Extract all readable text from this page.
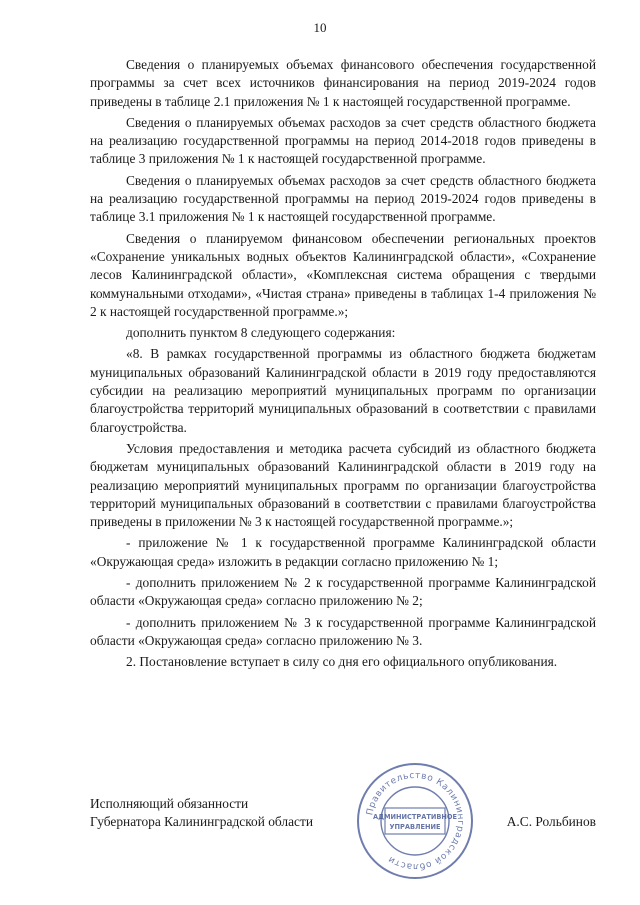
10

Сведения о планируемых объемах финансового обеспечения государственной программы за счет всех источников финансирования на период 2019-2024 годов приведены в таблице 2.1 приложения № 1 к настоящей государственной программе.

Сведения о планируемых объемах расходов за счет средств областного бюджета на реализацию государственной программы на период 2014-2018 годов приведены в таблице 3 приложения № 1 к настоящей государственной программе.

Сведения о планируемых объемах расходов за счет средств областного бюджета на реализацию государственной программы на период 2019-2024 годов приведены в таблице 3.1 приложения № 1 к настоящей государственной программе.

Сведения о планируемом финансовом обеспечении региональных проектов «Сохранение уникальных водных объектов Калининградской области», «Сохранение лесов Калининградской области», «Комплексная система обращения с твердыми коммунальными отходами», «Чистая страна» приведены в таблицах 1-4 приложения № 2 к настоящей государственной программе.»;

дополнить пунктом 8 следующего содержания:

«8. В рамках государственной программы из областного бюджета бюджетам муниципальных образований Калининградской области в 2019 году предоставляются субсидии на реализацию мероприятий муниципальных программ по организации благоустройства территорий муниципальных образований в соответствии с правилами благоустройства.

Условия предоставления и методика расчета субсидий из областного бюджета бюджетам муниципальных образований Калининградской области в 2019 году на реализацию мероприятий муниципальных программ по организации благоустройства территорий муниципальных образований в соответствии с правилами благоустройства приведены в приложении № 3 к настоящей государственной программе.»;

- приложение № 1 к государственной программе Калининградской области «Окружающая среда» изложить в редакции согласно приложению № 1;

- дополнить приложением № 2 к государственной программе Калининградской области «Окружающая среда» согласно приложению № 2;

- дополнить приложением № 3 к государственной программе Калининградской области «Окружающая среда» согласно приложению № 3.

2. Постановление вступает в силу со дня его официального опубликования.

Исполняющий обязанности
Губернатора Калининградской области	А.С. Рольбинов
Правительство Калининградской области
АДМИНИСТРАТИВНОЕ
УПРАВЛЕНИЕ
